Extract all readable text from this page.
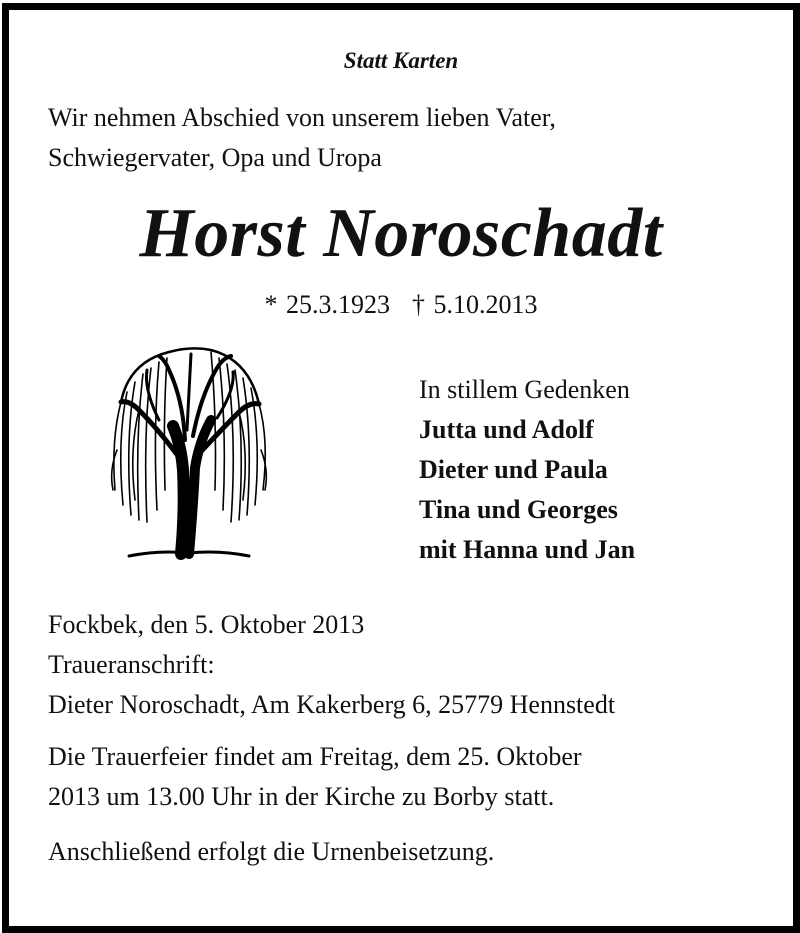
Statt Karten
Wir nehmen Abschied von unserem lieben Vater,
Schwiegervater, Opa und Uropa
Horst Noroschadt
* 25.3.1923 † 5.10.2013
In stillem Gedenken
Jutta und Adolf
Dieter und Paula
Tina und Georges
mit Hanna und Jan
Fockbek, den 5. Oktober 2013
Traueranschrift:
Dieter Noroschadt, Am Kakerberg 6, 25779 Hennstedt
Die Trauerfeier findet am Freitag, dem 25. Oktober
2013 um 13.00 Uhr in der Kirche zu Borby statt.
Anschließend erfolgt die Urnenbeisetzung.
